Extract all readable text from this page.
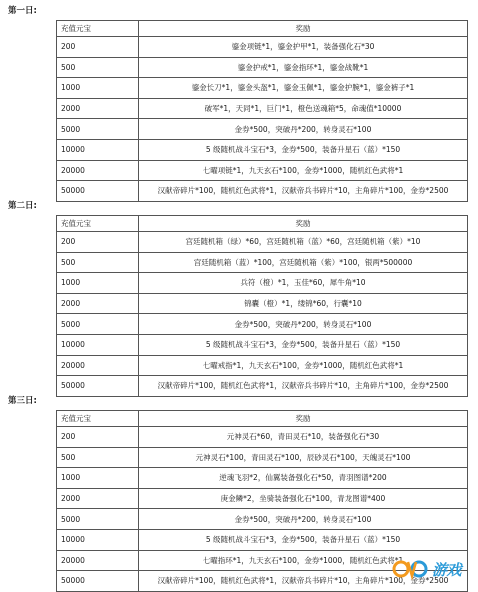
第一日:
充值元宝	奖励
200	鎏金项链*1，鎏金护甲*1，装备强化石*30
500	鎏金护戒*1，鎏金指环*1，鎏金战靴*1
1000	鎏金长刀*1，鎏金头盔*1，鎏金玉佩*1，鎏金护腕*1，鎏金裤子*1
2000	破军*1，天同*1，巨门*1，橙色送魂箱*5，命魂值*10000
5000	金券*500，突破丹*200，转身灵石*100
10000	5 级随机战斗宝石*3，金券*500，装备升星石（蓝）*150
20000	七曜项链*1，九天玄石*100，金券*1000，随机红色武将*1
50000	汉献帝碎片*100，随机红色武将*1，汉献帝兵书碎片*10，主角碎片*100，金券*2500
第二日:
充值元宝	奖励
200	宫廷随机箱（绿）*60，宫廷随机箱（蓝）*60，宫廷随机箱（紫）*10
500	宫廷随机箱（蓝）*100，宫廷随机箱（紫）*100，银两*500000
1000	兵符（橙）*1，玉佳*60，犀牛角*10
2000	锦囊（橙）*1，缕锦*60，行囊*10
5000	金券*500，突破丹*200，转身灵石*100
10000	5 级随机战斗宝石*3，金券*500，装备升星石（蓝）*150
20000	七曜戒指*1，九天玄石*100，金券*1000，随机红色武将*1
50000	汉献帝碎片*100，随机红色武将*1，汉献帝兵书碎片*10，主角碎片*100，金券*2500
第三日:
充值元宝	奖励
200	元神灵石*60，青田灵石*10，装备强化石*30
500	元神灵石*100，青田灵石*100，辰砂灵石*100，天魄灵石*100
1000	逆魂飞羽*2，仙翼装备强化石*50，青羽图谱*200
2000	庚金鳞*2，坐骑装备强化石*100，青龙图谱*400
5000	金券*500，突破丹*200，转身灵石*100
10000	5 级随机战斗宝石*3，金券*500，装备升星石（蓝）*150
20000	七曜指环*1，九天玄石*100，金券*1000，随机红色武将*1
50000	汉献帝碎片*100，随机红色武将*1，汉献帝兵书碎片*10，主角碎片*100，金券*2500
游戏
